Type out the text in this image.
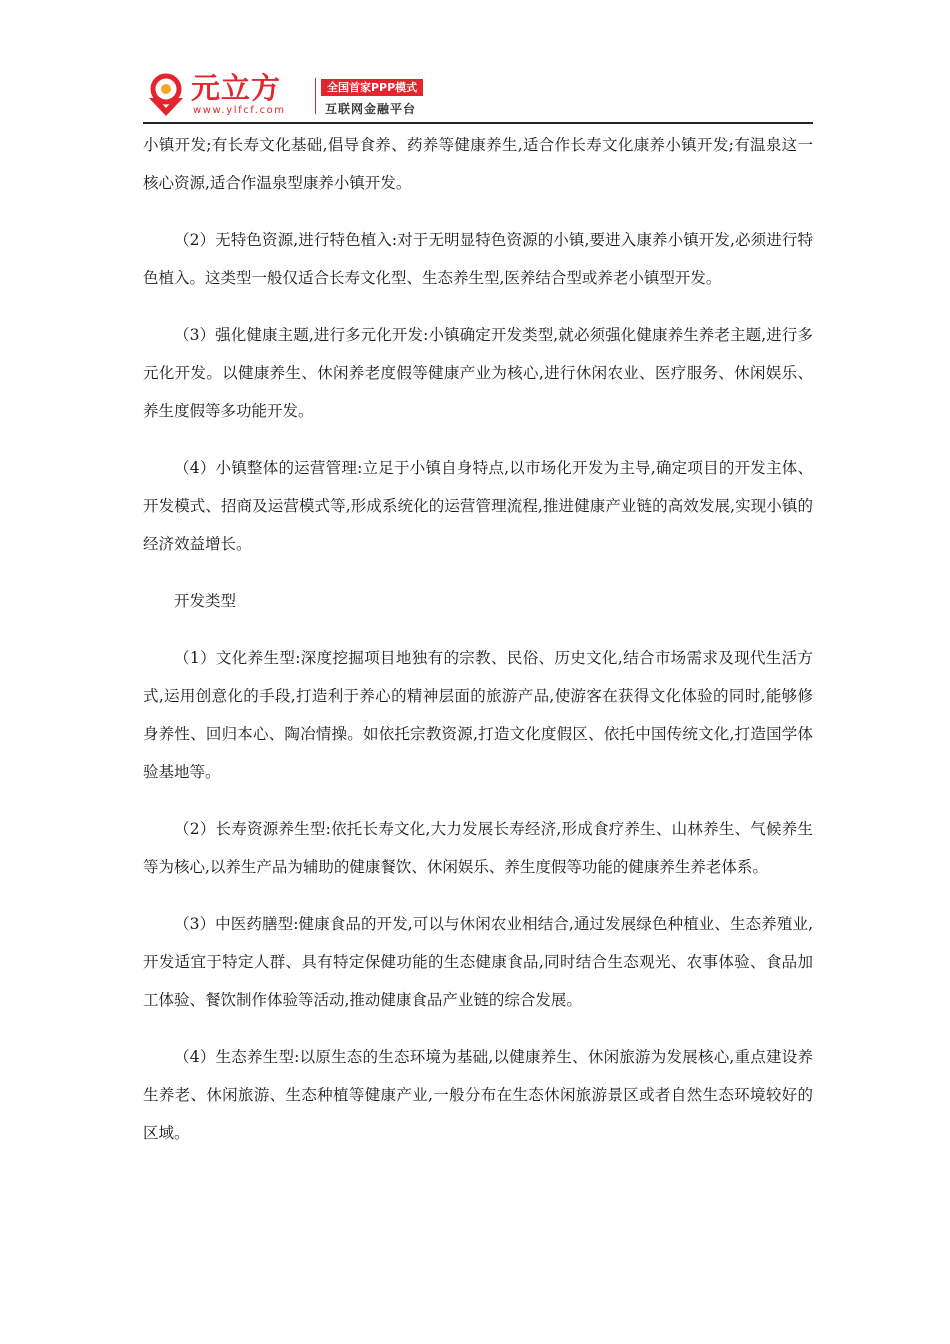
元立方
www.ylfcf.com
全国首家PPP模式
互联网金融平台

小镇开发;有长寿文化基础,倡导食养、药养等健康养生,适合作长寿文化康养小镇开发;有温泉这一核心资源,适合作温泉型康养小镇开发。

（2）无特色资源,进行特色植入:对于无明显特色资源的小镇,要进入康养小镇开发,必须进行特色植入。这类型一般仅适合长寿文化型、生态养生型,医养结合型或养老小镇型开发。

（3）强化健康主题,进行多元化开发:小镇确定开发类型,就必须强化健康养生养老主题,进行多元化开发。以健康养生、休闲养老度假等健康产业为核心,进行休闲农业、医疗服务、休闲娱乐、养生度假等多功能开发。

（4）小镇整体的运营管理:立足于小镇自身特点,以市场化开发为主导,确定项目的开发主体、开发模式、招商及运营模式等,形成系统化的运营管理流程,推进健康产业链的高效发展,实现小镇的经济效益增长。

开发类型

（1）文化养生型:深度挖掘项目地独有的宗教、民俗、历史文化,结合市场需求及现代生活方式,运用创意化的手段,打造利于养心的精神层面的旅游产品,使游客在获得文化体验的同时,能够修身养性、回归本心、陶冶情操。如依托宗教资源,打造文化度假区、依托中国传统文化,打造国学体验基地等。

（2）长寿资源养生型:依托长寿文化,大力发展长寿经济,形成食疗养生、山林养生、气候养生等为核心,以养生产品为辅助的健康餐饮、休闲娱乐、养生度假等功能的健康养生养老体系。

（3）中医药膳型:健康食品的开发,可以与休闲农业相结合,通过发展绿色种植业、生态养殖业,开发适宜于特定人群、具有特定保健功能的生态健康食品,同时结合生态观光、农事体验、食品加工体验、餐饮制作体验等活动,推动健康食品产业链的综合发展。

（4）生态养生型:以原生态的生态环境为基础,以健康养生、休闲旅游为发展核心,重点建设养生养老、休闲旅游、生态种植等健康产业,一般分布在生态休闲旅游景区或者自然生态环境较好的区域。
